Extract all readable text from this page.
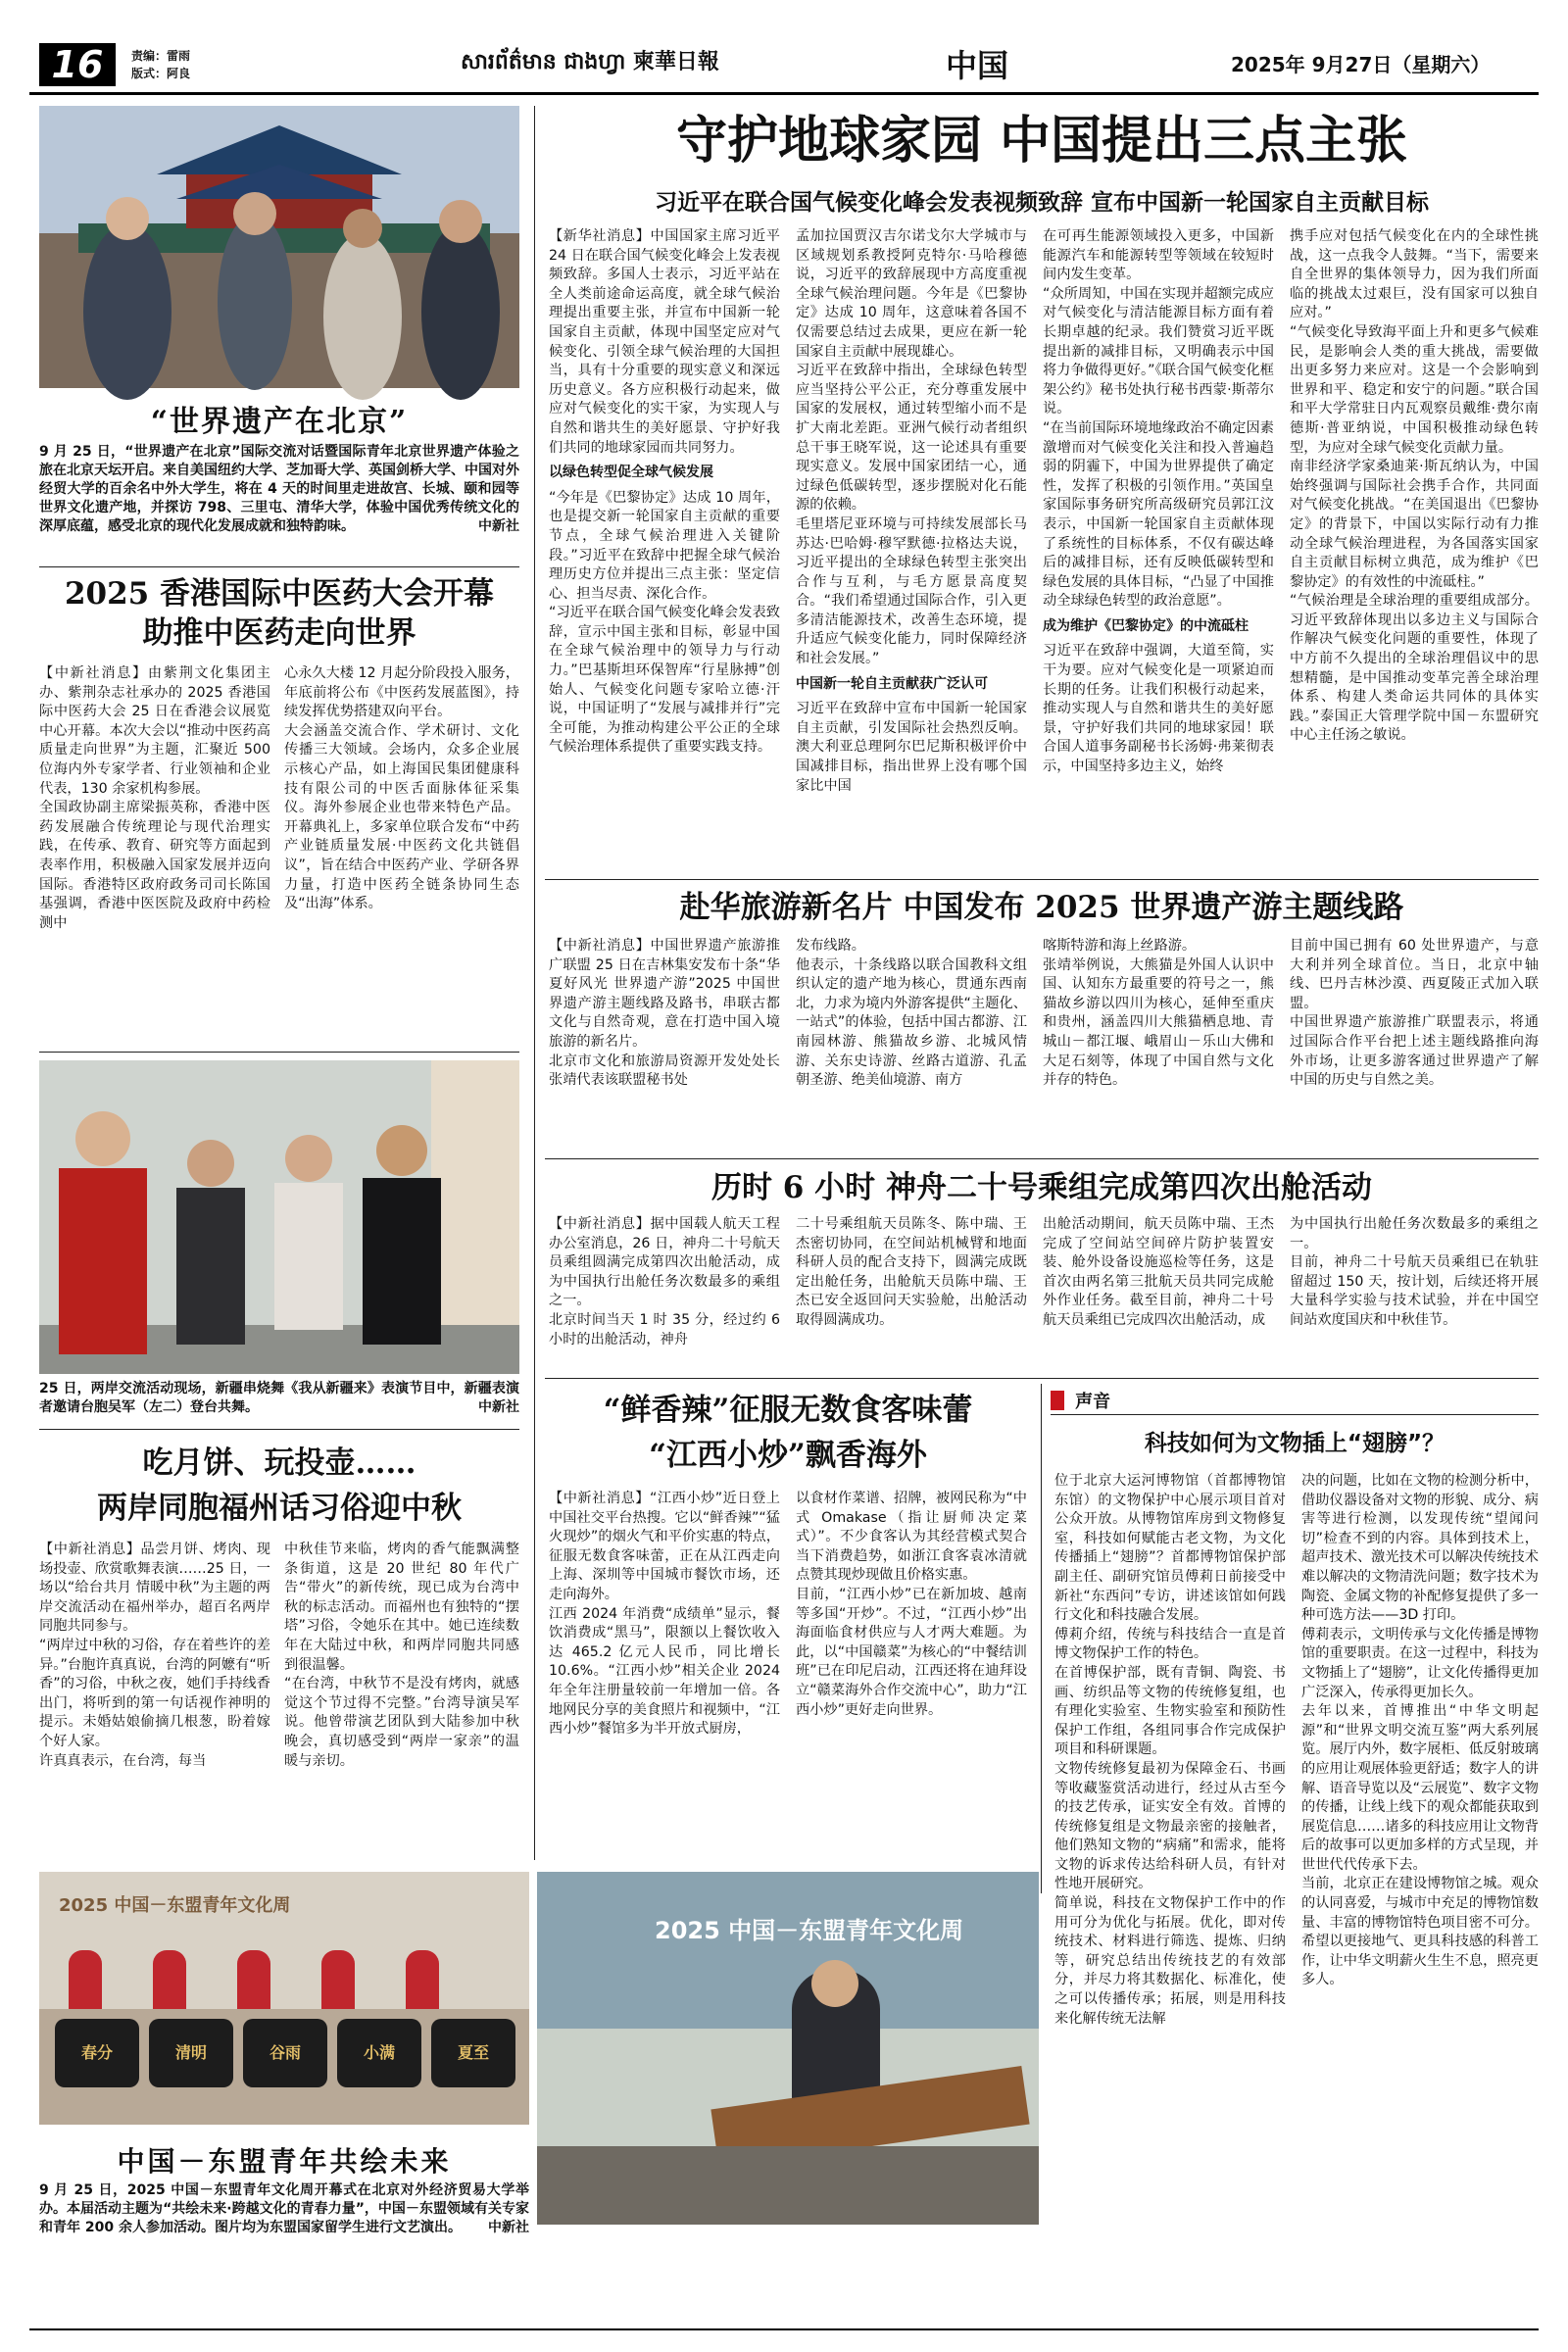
16	责编：雷雨
版式：阿良	សារព័ត៌មាន ជាងហ្វា 柬華日報	中国	2025年 9月27日（星期六）
“世界遗产在北京”
9 月 25 日，“世界遗产在北京”国际交流对话暨国际青年北京世界遗产体验之旅在北京天坛开启。来自美国纽约大学、芝加哥大学、英国剑桥大学、中国对外经贸大学的百余名中外大学生，将在 4 天的时间里走进故宫、长城、颐和园等世界文化遗产地，并探访 798、三里屯、清华大学，体验中国优秀传统文化的深厚底蕴，感受北京的现代化发展成就和独特韵味。	中新社
2025 香港国际中医药大会开幕
助推中医药走向世界
【中新社消息】由紫荆文化集团主办、紫荆杂志社承办的 2025 香港国际中医药大会 25 日在香港会议展览中心开幕。本次大会以“推动中医药高质量走向世界”为主题，汇聚近 500 位海内外专家学者、行业领袖和企业代表，130 余家机构参展。
全国政协副主席梁振英称，香港中医药发展融合传统理论与现代治理实践，在传承、教育、研究等方面起到表率作用，积极融入国家发展并迈向国际。香港特区政府政务司司长陈国基强调，香港中医医院及政府中药检测中
心永久大楼 12 月起分阶段投入服务，年底前将公布《中医药发展蓝图》，持续发挥优势搭建双向平台。
大会涵盖交流合作、学术研讨、文化传播三大领域。会场内，众多企业展示核心产品，如上海国民集团健康科技有限公司的中医舌面脉体征采集仪。海外参展企业也带来特色产品。开幕典礼上，多家单位联合发布“中药产业链质量发展·中医药文化共链倡议”，旨在结合中医药产业、学研各界力量，打造中医药全链条协同生态及“出海”体系。
25 日，两岸交流活动现场，新疆串烧舞《我从新疆来》表演节目中，新疆表演者邀请台胞吴军（左二）登台共舞。	中新社
吃月饼、玩投壶……
两岸同胞福州话习俗迎中秋
【中新社消息】品尝月饼、烤肉、现场投壶、欣赏歌舞表演……25 日，一场以“给台共月 情暖中秋”为主题的两岸交流活动在福州举办，超百名两岸同胞共同参与。
“两岸过中秋的习俗，存在着些许的差异。”台胞许真真说，台湾的阿嬷有“听香”的习俗，中秋之夜，她们手持线香出门，将听到的第一句话视作神明的提示。未婚姑娘偷摘几根葱，盼着嫁个好人家。
许真真表示，在台湾，每当
中秋佳节来临，烤肉的香气能飘满整条街道，这是 20 世纪 80 年代广告“带火”的新传统，现已成为台湾中秋的标志活动。而福州也有独特的“摆塔”习俗，令她乐在其中。她已连续数年在大陆过中秋，和两岸同胞共同感到很温馨。
“在台湾，中秋节不是没有烤肉，就感觉这个节过得不完整。”台湾导演吴军说。他曾带演艺团队到大陆参加中秋晚会，真切感受到“两岸一家亲”的温暖与亲切。
守护地球家园 中国提出三点主张
习近平在联合国气候变化峰会发表视频致辞 宣布中国新一轮国家自主贡献目标
【新华社消息】中国国家主席习近平 24 日在联合国气候变化峰会上发表视频致辞。多国人士表示，习近平站在全人类前途命运高度，就全球气候治理提出重要主张，并宣布中国新一轮国家自主贡献，体现中国坚定应对气候变化、引领全球气候治理的大国担当，具有十分重要的现实意义和深远历史意义。各方应积极行动起来，做应对气候变化的实干家，为实现人与自然和谐共生的美好愿景、守护好我们共同的地球家园而共同努力。
以绿色转型促全球气候发展
“今年是《巴黎协定》达成 10 周年，也是提交新一轮国家自主贡献的重要节点，全球气候治理进入关键阶段。”习近平在致辞中把握全球气候治理历史方位并提出三点主张：坚定信心、担当尽责、深化合作。
“习近平在联合国气候变化峰会发表致辞，宣示中国主张和目标，彰显中国在全球气候治理中的领导力与行动力。”巴基斯坦环保智库“行星脉搏”创始人、气候变化问题专家哈立德·汗说，中国证明了“发展与减排并行”完全可能，为推动构建公平公正的全球气候治理体系提供了重要实践支持。
孟加拉国贾汉吉尔诺戈尔大学城市与区域规划系教授阿克特尔·马哈穆德说，习近平的致辞展现中方高度重视全球气候治理问题。今年是《巴黎协定》达成 10 周年，这意味着各国不仅需要总结过去成果，更应在新一轮国家自主贡献中展现雄心。
习近平在致辞中指出，全球绿色转型应当坚持公平公正，充分尊重发展中国家的发展权，通过转型缩小而不是扩大南北差距。亚洲气候行动者组织总干事王晓军说，这一论述具有重要现实意义。发展中国家团结一心，通过绿色低碳转型，逐步摆脱对化石能源的依赖。
毛里塔尼亚环境与可持续发展部长马苏达·巴哈姆·穆罕默德·拉格达夫说，习近平提出的全球绿色转型主张突出合作与互利，与毛方愿景高度契合。“我们希望通过国际合作，引入更多清洁能源技术，改善生态环境，提升适应气候变化能力，同时保障经济和社会发展。”
中国新一轮自主贡献获广泛认可
习近平在致辞中宣布中国新一轮国家自主贡献，引发国际社会热烈反响。澳大利亚总理阿尔巴尼斯积极评价中国减排目标，指出世界上没有哪个国家比中国
在可再生能源领域投入更多，中国新能源汽车和能源转型等领域在较短时间内发生变革。
“众所周知，中国在实现并超额完成应对气候变化与清洁能源目标方面有着长期卓越的纪录。我们赞赏习近平既提出新的减排目标，又明确表示中国将力争做得更好。”《联合国气候变化框架公约》秘书处执行秘书西蒙·斯蒂尔说。
“在当前国际环境地缘政治不确定因素激增而对气候变化关注和投入普遍趋弱的阴霾下，中国为世界提供了确定性，发挥了积极的引领作用。”英国皇家国际事务研究所高级研究员郭江汶表示，中国新一轮国家自主贡献体现了系统性的目标体系，不仅有碳达峰后的减排目标，还有反映低碳转型和绿色发展的具体目标，“凸显了中国推动全球绿色转型的政治意愿”。
成为维护《巴黎协定》的中流砥柱
习近平在致辞中强调，大道至简，实干为要。应对气候变化是一项紧迫而长期的任务。让我们积极行动起来，推动实现人与自然和谐共生的美好愿景，守护好我们共同的地球家园！联合国人道事务副秘书长汤姆·弗莱彻表示，中国坚持多边主义，始终
携手应对包括气候变化在内的全球性挑战，这一点我令人鼓舞。“当下，需要来自全世界的集体领导力，因为我们所面临的挑战太过艰巨，没有国家可以独自应对。”
“气候变化导致海平面上升和更多气候难民，是影响会人类的重大挑战，需要做出更多努力来应对。这是一个会影响到世界和平、稳定和安宁的问题。”联合国和平大学常驻日内瓦观察员戴维·费尔南德斯·普亚纳说，中国积极推动绿色转型，为应对全球气候变化贡献力量。
南非经济学家桑迪莱·斯瓦纳认为，中国始终强调与国际社会携手合作，共同面对气候变化挑战。“在美国退出《巴黎协定》的背景下，中国以实际行动有力推动全球气候治理进程，为各国落实国家自主贡献目标树立典范，成为维护《巴黎协定》的有效性的中流砥柱。”
“气候治理是全球治理的重要组成部分。习近平致辞体现出以多边主义与国际合作解决气候变化问题的重要性，体现了中方前不久提出的全球治理倡议中的思想精髓，是中国推动变革完善全球治理体系、构建人类命运共同体的具体实践。”泰国正大管理学院中国－东盟研究中心主任汤之敏说。
赴华旅游新名片 中国发布 2025 世界遗产游主题线路
【中新社消息】中国世界遗产旅游推广联盟 25 日在吉林集安发布十条“华夏好风光 世界遗产游”2025 中国世界遗产游主题线路及路书，串联古都文化与自然奇观，意在打造中国入境旅游的新名片。
北京市文化和旅游局资源开发处处长张靖代表该联盟秘书处
发布线路。
他表示，十条线路以联合国教科文组织认定的遗产地为核心，贯通东西南北，力求为境内外游客提供“主题化、一站式”的体验，包括中国古都游、江南园林游、熊猫故乡游、北城风情游、关东史诗游、丝路古道游、孔孟朝圣游、绝美仙境游、南方
喀斯特游和海上丝路游。
张靖举例说，大熊猫是外国人认识中国、认知东方最重要的符号之一，熊猫故乡游以四川为核心，延伸至重庆和贵州，涵盖四川大熊猫栖息地、青城山－都江堰、峨眉山－乐山大佛和大足石刻等，体现了中国自然与文化并存的特色。
目前中国已拥有 60 处世界遗产，与意大利并列全球首位。当日，北京中轴线、巴丹吉林沙漠、西夏陵正式加入联盟。
中国世界遗产旅游推广联盟表示，将通过国际合作平台把上述主题线路推向海外市场，让更多游客通过世界遗产了解中国的历史与自然之美。
历时 6 小时 神舟二十号乘组完成第四次出舱活动
【中新社消息】据中国载人航天工程办公室消息，26 日，神舟二十号航天员乘组圆满完成第四次出舱活动，成为中国执行出舱任务次数最多的乘组之一。
北京时间当天 1 时 35 分，经过约 6 小时的出舱活动，神舟
二十号乘组航天员陈冬、陈中瑞、王杰密切协同，在空间站机械臂和地面科研人员的配合支持下，圆满完成既定出舱任务，出舱航天员陈中瑞、王杰已安全返回问天实验舱，出舱活动取得圆满成功。
出舱活动期间，航天员陈中瑞、王杰完成了空间站空间碎片防护装置安装、舱外设备设施巡检等任务，这是首次由两名第三批航天员共同完成舱外作业任务。截至目前，神舟二十号航天员乘组已完成四次出舱活动，成
为中国执行出舱任务次数最多的乘组之一。
目前，神舟二十号航天员乘组已在轨驻留超过 150 天，按计划，后续还将开展大量科学实验与技术试验，并在中国空间站欢度国庆和中秋佳节。
“鲜香辣”征服无数食客味蕾
“江西小炒”飘香海外
【中新社消息】“江西小炒”近日登上中国社交平台热搜。它以“鲜香辣”“猛火现炒”的烟火气和平价实惠的特点，征服无数食客味蕾，正在从江西走向上海、深圳等中国城市餐饮市场，还走向海外。
江西 2024 年消费“成绩单”显示，餐饮消费成“黑马”，限额以上餐饮收入达 465.2 亿元人民币，同比增长 10.6%。“江西小炒”相关企业 2024 年全年注册量较前一年增加一倍。各地网民分享的美食照片和视频中，“江西小炒”餐馆多为半开放式厨房，
以食材作菜谱、招牌，被网民称为“中式 Omakase（指让厨师决定菜式）”。不少食客认为其经营模式契合当下消费趋势，如浙江食客袁冰清就点赞其现炒现做且价格实惠。
目前，“江西小炒”已在新加坡、越南等多国“开炒”。不过，“江西小炒”出海面临食材供应与人才两大难题。为此，以“中国赣菜”为核心的“中餐结训班”已在印尼启动，江西还将在迪拜设立“赣菜海外合作交流中心”，助力“江西小炒”更好走向世界。
声音
科技如何为文物插上“翅膀”？
位于北京大运河博物馆（首都博物馆东馆）的文物保护中心展示项目首对公众开放。从博物馆库房到文物修复室，科技如何赋能古老文物，为文化传播插上“翅膀”？首都博物馆保护部副主任、副研究馆员傅莉日前接受中新社“东西问”专访，讲述该馆如何践行文化和科技融合发展。
傅莉介绍，传统与科技结合一直是首博文物保护工作的特色。
在首博保护部，既有青铜、陶瓷、书画、纺织品等文物的传统修复组，也有理化实验室、生物实验室和预防性保护工作组，各组同事合作完成保护项目和科研课题。
文物传统修复最初为保障金石、书画等收藏鉴赏活动进行，经过从古至今的技艺传承，证实安全有效。首博的传统修复组是文物最亲密的接触者，他们熟知文物的“病痛”和需求，能将文物的诉求传达给科研人员，有针对性地开展研究。
简单说，科技在文物保护工作中的作用可分为优化与拓展。优化，即对传统技术、材料进行筛选、提炼、归纳等，研究总结出传统技艺的有效部分，并尽力将其数据化、标准化，使之可以传播传承；拓展，则是用科技来化解传统无法解
决的问题，比如在文物的检测分析中，借助仪器设备对文物的形貌、成分、病害等进行检测，以发现传统“望闻问切”检查不到的内容。具体到技术上，超声技术、激光技术可以解决传统技术难以解决的文物清洗问题；数字技术为陶瓷、金属文物的补配修复提供了多一种可选方法——3D 打印。
傅莉表示，文明传承与文化传播是博物馆的重要职责。在这一过程中，科技为文物插上了“翅膀”，让文化传播得更加广泛深入，传承得更加长久。
去年以来，首博推出“中华文明起源”和“世界文明交流互鉴”两大系列展览。展厅内外，数字展柜、低反射玻璃的应用让观展体验更舒适；数字人的讲解、语音导览以及“云展览”、数字文物的传播，让线上线下的观众都能获取到展览信息……诸多的科技应用让文物背后的故事可以更加多样的方式呈现，并世世代代传承下去。
当前，北京正在建设博物馆之城。观众的认同喜爱，与城市中充足的博物馆数量、丰富的博物馆特色项目密不可分。希望以更接地气、更具科技感的科普工作，让中华文明薪火生生不息，照亮更多人。
2025 中国－东盟青年文化周
春分	清明	谷雨	小满	夏至
2025 中国－东盟青年文化周
中国－东盟青年共绘未来
9 月 25 日，2025 中国－东盟青年文化周开幕式在北京对外经济贸易大学举办。本届活动主题为“共绘未来·跨越文化的青春力量”，中国－东盟领域有关专家和青年 200 余人参加活动。图片均为东盟国家留学生进行文艺演出。 中新社
